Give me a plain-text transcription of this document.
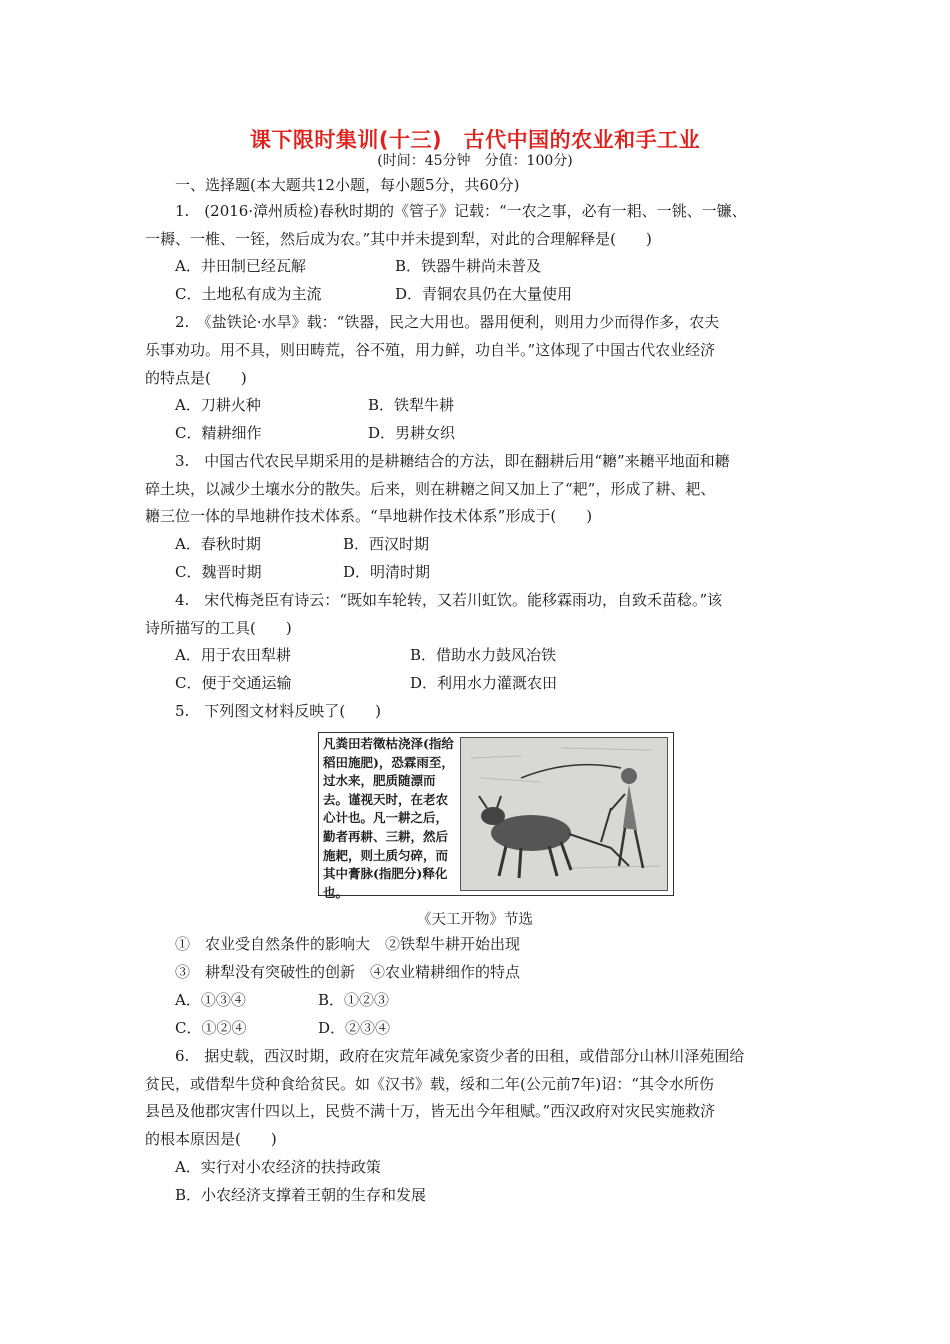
课下限时集训(十三)　古代中国的农业和手工业
(时间：45分钟　分值：100分)
一、选择题(本大题共12小题，每小题5分，共60分)
1.　(2016·漳州质检)春秋时期的《管子》记载：“一农之事，必有一耜、一铫、一镰、
一耨、一椎、一铚，然后成为农。”其中并未提到犁，对此的合理解释是(　　)
A．井田制已经瓦解	B．铁器牛耕尚未普及
C．土地私有成为主流	D．青铜农具仍在大量使用
2.　《盐铁论·水旱》载：“铁器，民之大用也。器用便利，则用力少而得作多，农夫
乐事劝功。用不具，则田畴荒，谷不殖，用力鲜，功自半。”这体现了中国古代农业经济
的特点是(　　)
A．刀耕火种	B．铁犁牛耕
C．精耕细作	D．男耕女织
3.　中国古代农民早期采用的是耕耱结合的方法，即在翻耕后用“耱”来耱平地面和耱
碎土块，以减少土壤水分的散失。后来，则在耕耱之间又加上了“耙”，形成了耕、耙、
耱三位一体的旱地耕作技术体系。“旱地耕作技术体系”形成于(　　)
A．春秋时期	B．西汉时期
C．魏晋时期	D．明清时期
4.　宋代梅尧臣有诗云：“既如车轮转，又若川虹饮。能移霖雨功，自致禾苗稔。”该
诗所描写的工具(　　)
A．用于农田犁耕	B．借助水力鼓风冶铁
C．便于交通运输	D．利用水力灌溉农田
5.　下列图文材料反映了(　　)
凡粪田若徵枯浇泽(指给稻田施肥)，恐霖雨至，过水来，肥质随漂而去。谨视天时，在老农心计也。凡一耕之后，勤者再耕、三耕，然后施耙，则土质匀碎，而其中膏脉(指肥分)释化也。
《天工开物》节选
①　农业受自然条件的影响大　②铁犁牛耕开始出现
③　耕犁没有突破性的创新　④农业精耕细作的特点
A．①③④	B．①②③
C．①②④	D．②③④
6.　据史载，西汉时期，政府在灾荒年减免家资少者的田租，或借部分山林川泽苑囿给
贫民，或借犁牛贷种食给贫民。如《汉书》载，绥和二年(公元前7年)诏：“其令水所伤
县邑及他郡灾害什四以上，民赀不满十万，皆无出今年租赋。”西汉政府对灾民实施救济
的根本原因是(　　)
A．实行对小农经济的扶持政策
B．小农经济支撑着王朝的生存和发展
